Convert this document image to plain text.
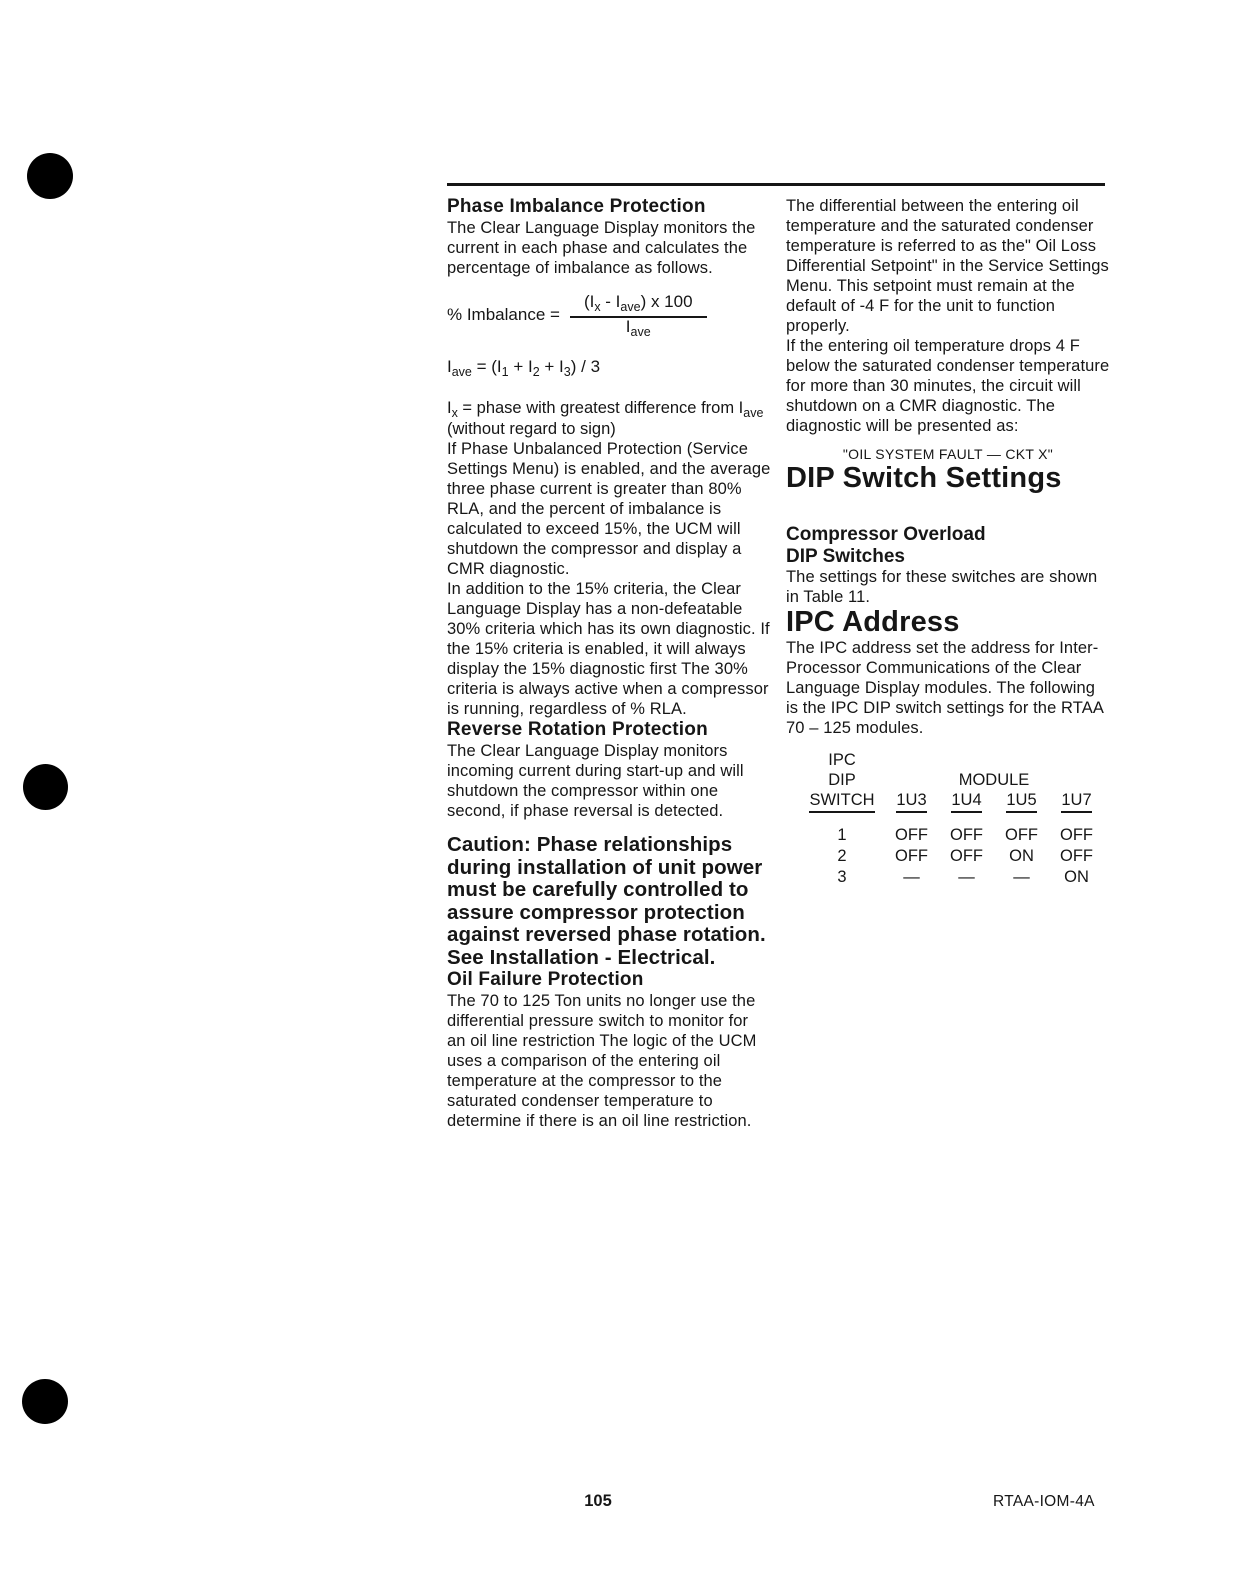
Phase Imbalance Protection

The Clear Language Display monitors the current in each phase and calculates the percentage of imbalance as follows.

% Imbalance = $\frac{(I_x - I_{ave}) x 100}{I_{ave}}$

$I_{ave} = (I_1 + I_2 + I_3) / 3$

$I_x$ = phase with greatest difference from $I_{ave}$ (without regard to sign)

If Phase Unbalanced Protection (Service Settings Menu) is enabled, and the average three phase current is greater than 80% RLA, and the percent of imbalance is calculated to exceed 15%, the UCM will shutdown the compressor and display a CMR diagnostic.

In addition to the 15% criteria, the Clear Language Display has a non-defeatable 30% criteria which has its own diagnostic. If the 15% criteria is enabled, it will always display the 15% diagnostic first The 30% criteria is always active when a compressor is running, regardless of % RLA.

Reverse Rotation Protection

The Clear Language Display monitors incoming current during start-up and will shutdown the compressor within one second, if phase reversal is detected.

Caution: Phase relationships during installation of unit power must be carefully controlled to assure compressor protection against reversed phase rotation. See Installation - Electrical.

Oil Failure Protection

The 70 to 125 Ton units no longer use the differential pressure switch to monitor for an oil line restriction The logic of the UCM uses a comparison of the entering oil temperature at the compressor to the saturated condenser temperature to determine if there is an oil line restriction.

The differential between the entering oil temperature and the saturated condenser temperature is referred to as the" Oil Loss Differential Setpoint" in the Service Settings Menu. This setpoint must remain at the default of -4 F for the unit to function properly.

If the entering oil temperature drops 4 F below the saturated condenser temperature for more than 30 minutes, the circuit will shutdown on a CMR diagnostic. The diagnostic will be presented as:

"OIL SYSTEM FAULT — CKT X"

DIP Switch Settings
Compressor Overload
DIP Switches

The settings for these switches are shown in Table 11.

IPC Address

The IPC address set the address for Inter-Processor Communications of the Clear Language Display modules. The following is the IPC DIP switch settings for the RTAA 70 – 125 modules.

IPC
DIP	MODULE
SWITCH	1U3	1U4	1U5	1U7
1	OFF	OFF	OFF	OFF
2	OFF	OFF	ON	OFF
3	—	—	—	ON
105	RTAA-IOM-4A
